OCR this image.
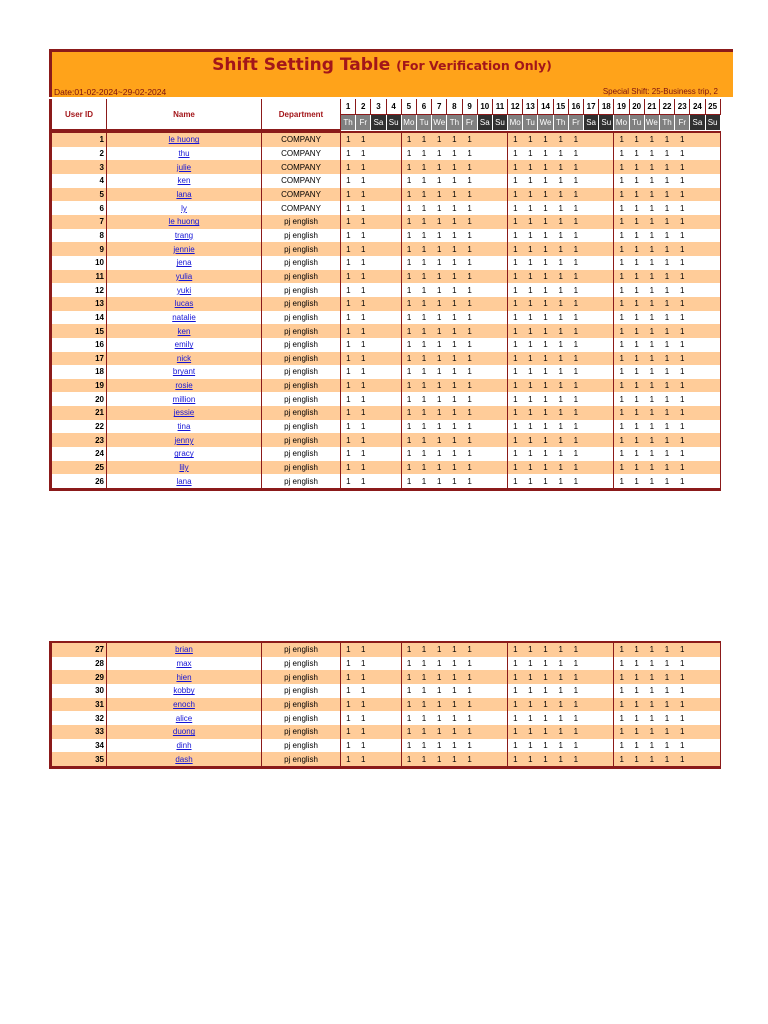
Shift Setting Table (For Verification Only)
Date:01-02-2024~29-02-2024	Special Shift: 25-Business trip, 2
User ID	Name	Department	1	2	3	4	5	6	7	8	9	10	11	12	13	14	15	16	17	18	19	20	21	22	23	24	25
			Th	Fr	Sa	Su	Mo	Tu	We	Th	Fr	Sa	Su	Mo	Tu	We	Th	Fr	Sa	Su	Mo	Tu	We	Th	Fr	Sa	Su
1	le huong	COMPANY	1	1			1	1	1	1	1			1	1	1	1	1			1	1	1	1	1		
2	thu	COMPANY	1	1			1	1	1	1	1			1	1	1	1	1			1	1	1	1	1		
3	julie	COMPANY	1	1			1	1	1	1	1			1	1	1	1	1			1	1	1	1	1		
4	ken	COMPANY	1	1			1	1	1	1	1			1	1	1	1	1			1	1	1	1	1		
5	lana	COMPANY	1	1			1	1	1	1	1			1	1	1	1	1			1	1	1	1	1		
6	ly	COMPANY	1	1			1	1	1	1	1			1	1	1	1	1			1	1	1	1	1		
7	le huong	pj english	1	1			1	1	1	1	1			1	1	1	1	1			1	1	1	1	1		
8	trang	pj english	1	1			1	1	1	1	1			1	1	1	1	1			1	1	1	1	1		
9	jennie	pj english	1	1			1	1	1	1	1			1	1	1	1	1			1	1	1	1	1		
10	jena	pj english	1	1			1	1	1	1	1			1	1	1	1	1			1	1	1	1	1		
11	yulia	pj english	1	1			1	1	1	1	1			1	1	1	1	1			1	1	1	1	1		
12	yuki	pj english	1	1			1	1	1	1	1			1	1	1	1	1			1	1	1	1	1		
13	lucas	pj english	1	1			1	1	1	1	1			1	1	1	1	1			1	1	1	1	1		
14	natalie	pj english	1	1			1	1	1	1	1			1	1	1	1	1			1	1	1	1	1		
15	ken	pj english	1	1			1	1	1	1	1			1	1	1	1	1			1	1	1	1	1		
16	emily	pj english	1	1			1	1	1	1	1			1	1	1	1	1			1	1	1	1	1		
17	nick	pj english	1	1			1	1	1	1	1			1	1	1	1	1			1	1	1	1	1		
18	bryant	pj english	1	1			1	1	1	1	1			1	1	1	1	1			1	1	1	1	1		
19	rosie	pj english	1	1			1	1	1	1	1			1	1	1	1	1			1	1	1	1	1		
20	million	pj english	1	1			1	1	1	1	1			1	1	1	1	1			1	1	1	1	1		
21	jessie	pj english	1	1			1	1	1	1	1			1	1	1	1	1			1	1	1	1	1		
22	tina	pj english	1	1			1	1	1	1	1			1	1	1	1	1			1	1	1	1	1		
23	jenny	pj english	1	1			1	1	1	1	1			1	1	1	1	1			1	1	1	1	1		
24	gracy	pj english	1	1			1	1	1	1	1			1	1	1	1	1			1	1	1	1	1		
25	lily	pj english	1	1			1	1	1	1	1			1	1	1	1	1			1	1	1	1	1		
26	lana	pj english	1	1			1	1	1	1	1			1	1	1	1	1			1	1	1	1	1		
27	brian	pj english	1	1			1	1	1	1	1			1	1	1	1	1			1	1	1	1	1		
28	max	pj english	1	1			1	1	1	1	1			1	1	1	1	1			1	1	1	1	1		
29	hien	pj english	1	1			1	1	1	1	1			1	1	1	1	1			1	1	1	1	1		
30	kobby	pj english	1	1			1	1	1	1	1			1	1	1	1	1			1	1	1	1	1		
31	enoch	pj english	1	1			1	1	1	1	1			1	1	1	1	1			1	1	1	1	1		
32	alice	pj english	1	1			1	1	1	1	1			1	1	1	1	1			1	1	1	1	1		
33	duong	pj english	1	1			1	1	1	1	1			1	1	1	1	1			1	1	1	1	1		
34	dinh	pj english	1	1			1	1	1	1	1			1	1	1	1	1			1	1	1	1	1		
35	dash	pj english	1	1			1	1	1	1	1			1	1	1	1	1			1	1	1	1	1		
